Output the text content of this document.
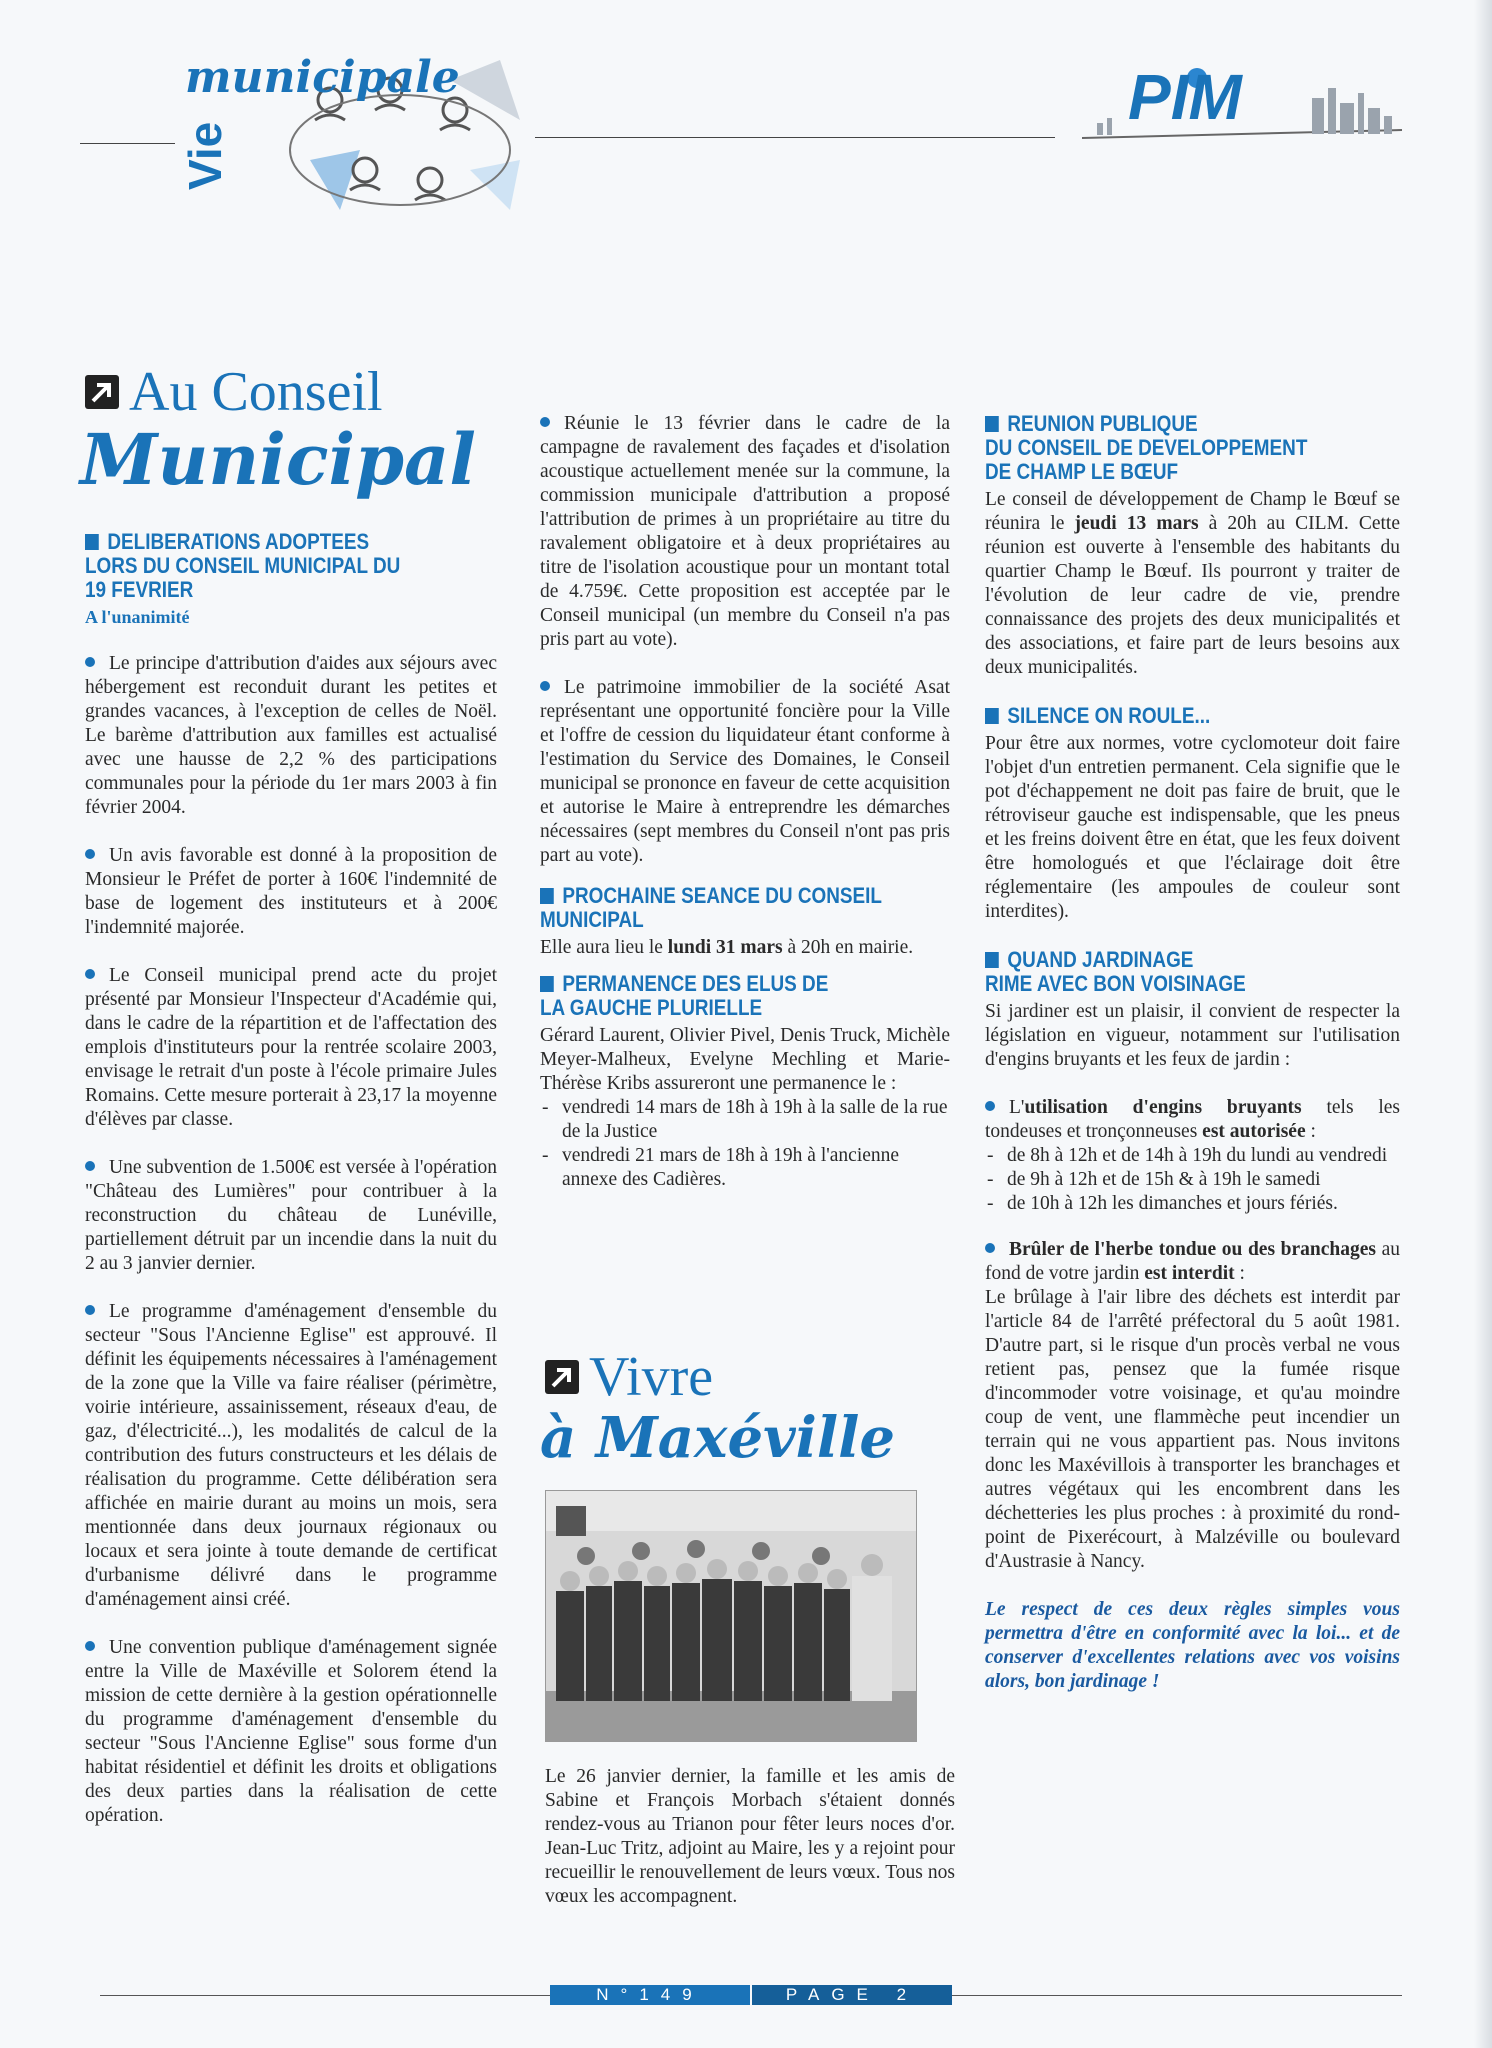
municipale
Vie
PIM
Au Conseil
Municipal
DELIBERATIONS ADOPTEES
LORS DU CONSEIL MUNICIPAL DU
19 FEVRIER

A l'unanimité

Le principe d'attribution d'aides aux séjours avec hébergement est reconduit durant les petites et grandes vacances, à l'exception de celles de Noël. Le barème d'attribution aux familles est actualisé avec une hausse de 2,2 % des participations communales pour la période du 1er mars 2003 à fin février 2004.

Un avis favorable est donné à la proposition de Monsieur le Préfet de porter à 160€ l'indemnité de base de logement des instituteurs et à 200€ l'indemnité majorée.

Le Conseil municipal prend acte du projet présenté par Monsieur l'Inspecteur d'Académie qui, dans le cadre de la répartition et de l'affectation des emplois d'instituteurs pour la rentrée scolaire 2003, envisage le retrait d'un poste à l'école primaire Jules Romains. Cette mesure porterait à 23,17 la moyenne d'élèves par classe.

Une subvention de 1.500€ est versée à l'opération "Château des Lumières" pour contribuer à la reconstruction du château de Lunéville, partiellement détruit par un incendie dans la nuit du 2 au 3 janvier dernier.

Le programme d'aménagement d'ensemble du secteur "Sous l'Ancienne Eglise" est approuvé. Il définit les équipements nécessaires à l'aménagement de la zone que la Ville va faire réaliser (périmètre, voirie intérieure, assainissement, réseaux d'eau, de gaz, d'électricité...), les modalités de calcul de la contribution des futurs constructeurs et les délais de réalisation du programme. Cette délibération sera affichée en mairie durant au moins un mois, sera mentionnée dans deux journaux régionaux ou locaux et sera jointe à toute demande de certificat d'urbanisme délivré dans le programme d'aménagement ainsi créé.

Une convention publique d'aménagement signée entre la Ville de Maxéville et Solorem étend la mission de cette dernière à la gestion opérationnelle du programme d'aménagement d'ensemble du secteur "Sous l'Ancienne Eglise" sous forme d'un habitat résidentiel et définit les droits et obligations des deux parties dans la réalisation de cette opération.

Réunie le 13 février dans le cadre de la campagne de ravalement des façades et d'isolation acoustique actuellement menée sur la commune, la commission municipale d'attribution a proposé l'attribution de primes à un propriétaire au titre du ravalement obligatoire et à deux propriétaires au titre de l'isolation acoustique pour un montant total de 4.759€. Cette proposition est acceptée par le Conseil municipal (un membre du Conseil n'a pas pris part au vote).

Le patrimoine immobilier de la société Asat représentant une opportunité foncière pour la Ville et l'offre de cession du liquidateur étant conforme à l'estimation du Service des Domaines, le Conseil municipal se prononce en faveur de cette acquisition et autorise le Maire à entreprendre les démarches nécessaires (sept membres du Conseil n'ont pas pris part au vote).

PROCHAINE SEANCE DU CONSEIL
MUNICIPAL

Elle aura lieu le lundi 31 mars à 20h en mairie.

PERMANENCE DES ELUS DE
LA GAUCHE PLURIELLE

Gérard Laurent, Olivier Pivel, Denis Truck, Michèle Meyer-Malheux, Evelyne Mechling et Marie-Thérèse Kribs assureront une permanence le :

- vendredi 14 mars de 18h à 19h à la salle de la rue de la Justice
- vendredi 21 mars de 18h à 19h à l'ancienne annexe des Cadières.
Vivre
à Maxéville

Le 26 janvier dernier, la famille et les amis de Sabine et François Morbach s'étaient donnés rendez-vous au Trianon pour fêter leurs noces d'or. Jean-Luc Tritz, adjoint au Maire, les y a rejoint pour recueillir le renouvellement de leurs vœux. Tous nos vœux les accompagnent.

REUNION PUBLIQUE
DU CONSEIL DE DEVELOPPEMENT
DE CHAMP LE BŒUF

Le conseil de développement de Champ le Bœuf se réunira le jeudi 13 mars à 20h au CILM. Cette réunion est ouverte à l'ensemble des habitants du quartier Champ le Bœuf. Ils pourront y traiter de l'évolution de leur cadre de vie, prendre connaissance des projets des deux municipalités et des associations, et faire part de leurs besoins aux deux municipalités.

SILENCE ON ROULE...

Pour être aux normes, votre cyclomoteur doit faire l'objet d'un entretien permanent. Cela signifie que le pot d'échappement ne doit pas faire de bruit, que le rétroviseur gauche est indispensable, que les pneus et les freins doivent être en état, que les feux doivent être homologués et que l'éclairage doit être réglementaire (les ampoules de couleur sont interdites).

QUAND JARDINAGE
RIME AVEC BON VOISINAGE

Si jardiner est un plaisir, il convient de respecter la législation en vigueur, notamment sur l'utilisation d'engins bruyants et les feux de jardin :

L'utilisation d'engins bruyants tels les tondeuses et tronçonneuses est autorisée :

- de 8h à 12h et de 14h à 19h du lundi au vendredi
- de 9h à 12h et de 15h & à 19h le samedi
- de 10h à 12h les dimanches et jours fériés.

Brûler de l'herbe tondue ou des branchages au fond de votre jardin est interdit :

Le brûlage à l'air libre des déchets est interdit par l'article 84 de l'arrêté préfectoral du 5 août 1981. D'autre part, si le risque d'un procès verbal ne vous retient pas, pensez que la fumée risque d'incommoder votre voisinage, et qu'au moindre coup de vent, une flammèche peut incendier un terrain qui ne vous appartient pas. Nous invitons donc les Maxévillois à transporter les branchages et autres végétaux qui les encombrent dans les déchetteries les plus proches : à proximité du rond-point de Pixerécourt, à Malzéville ou boulevard d'Austrasie à Nancy.

Le respect de ces deux règles simples vous permettra d'être en conformité avec la loi... et de conserver d'excellentes relations avec vos voisins alors, bon jardinage !

N°149	PAGE 2
